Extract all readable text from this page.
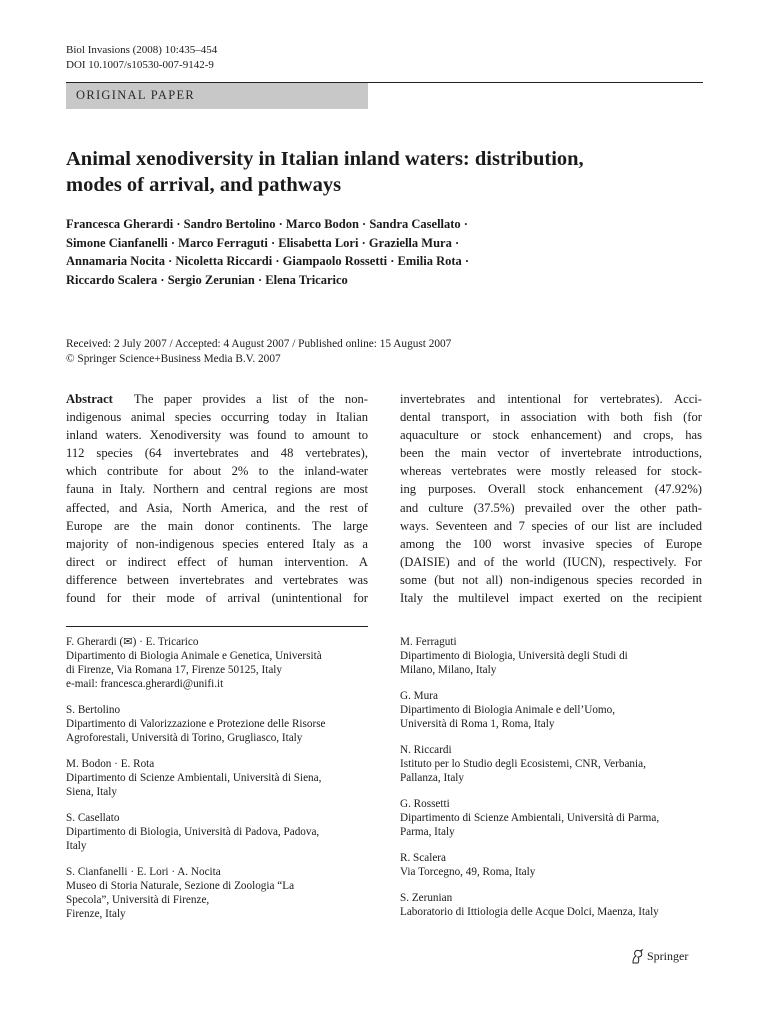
Biol Invasions (2008) 10:435–454
DOI 10.1007/s10530-007-9142-9
ORIGINAL PAPER
Animal xenodiversity in Italian inland waters: distribution,
modes of arrival, and pathways
Francesca Gherardi · Sandro Bertolino · Marco Bodon · Sandra Casellato ·
Simone Cianfanelli · Marco Ferraguti · Elisabetta Lori · Graziella Mura ·
Annamaria Nocita · Nicoletta Riccardi · Giampaolo Rossetti · Emilia Rota ·
Riccardo Scalera · Sergio Zerunian · Elena Tricarico
Received: 2 July 2007 / Accepted: 4 August 2007 / Published online: 15 August 2007
© Springer Science+Business Media B.V. 2007
Abstract The paper provides a list of the non-
indigenous animal species occurring today in Italian
inland waters. Xenodiversity was found to amount to
112 species (64 invertebrates and 48 vertebrates),
which contribute for about 2% to the inland-water
fauna in Italy. Northern and central regions are most
affected, and Asia, North America, and the rest of
Europe are the main donor continents. The large
majority of non-indigenous species entered Italy as a
direct or indirect effect of human intervention. A
difference between invertebrates and vertebrates was
found for their mode of arrival (unintentional for
invertebrates and intentional for vertebrates). Acci-
dental transport, in association with both fish (for
aquaculture or stock enhancement) and crops, has
been the main vector of invertebrate introductions,
whereas vertebrates were mostly released for stock-
ing purposes. Overall stock enhancement (47.92%)
and culture (37.5%) prevailed over the other path-
ways. Seventeen and 7 species of our list are included
among the 100 worst invasive species of Europe
(DAISIE) and of the world (IUCN), respectively. For
some (but not all) non-indigenous species recorded in
Italy the multilevel impact exerted on the recipient
F. Gherardi (✉) · E. Tricarico
Dipartimento di Biologia Animale e Genetica, Università
di Firenze, Via Romana 17, Firenze 50125, Italy
e-mail: francesca.gherardi@unifi.it
S. Bertolino
Dipartimento di Valorizzazione e Protezione delle Risorse
Agroforestali, Università di Torino, Grugliasco, Italy
M. Bodon · E. Rota
Dipartimento di Scienze Ambientali, Università di Siena,
Siena, Italy
S. Casellato
Dipartimento di Biologia, Università di Padova, Padova,
Italy
S. Cianfanelli · E. Lori · A. Nocita
Museo di Storia Naturale, Sezione di Zoologia “La
Specola”, Università di Firenze,
Firenze, Italy
M. Ferraguti
Dipartimento di Biologia, Università degli Studi di
Milano, Milano, Italy
G. Mura
Dipartimento di Biologia Animale e dell’Uomo,
Università di Roma 1, Roma, Italy
N. Riccardi
Istituto per lo Studio degli Ecosistemi, CNR, Verbania,
Pallanza, Italy
G. Rossetti
Dipartimento di Scienze Ambientali, Università di Parma,
Parma, Italy
R. Scalera
Via Torcegno, 49, Roma, Italy
S. Zerunian
Laboratorio di Ittiologia delle Acque Dolci, Maenza, Italy
Springer
